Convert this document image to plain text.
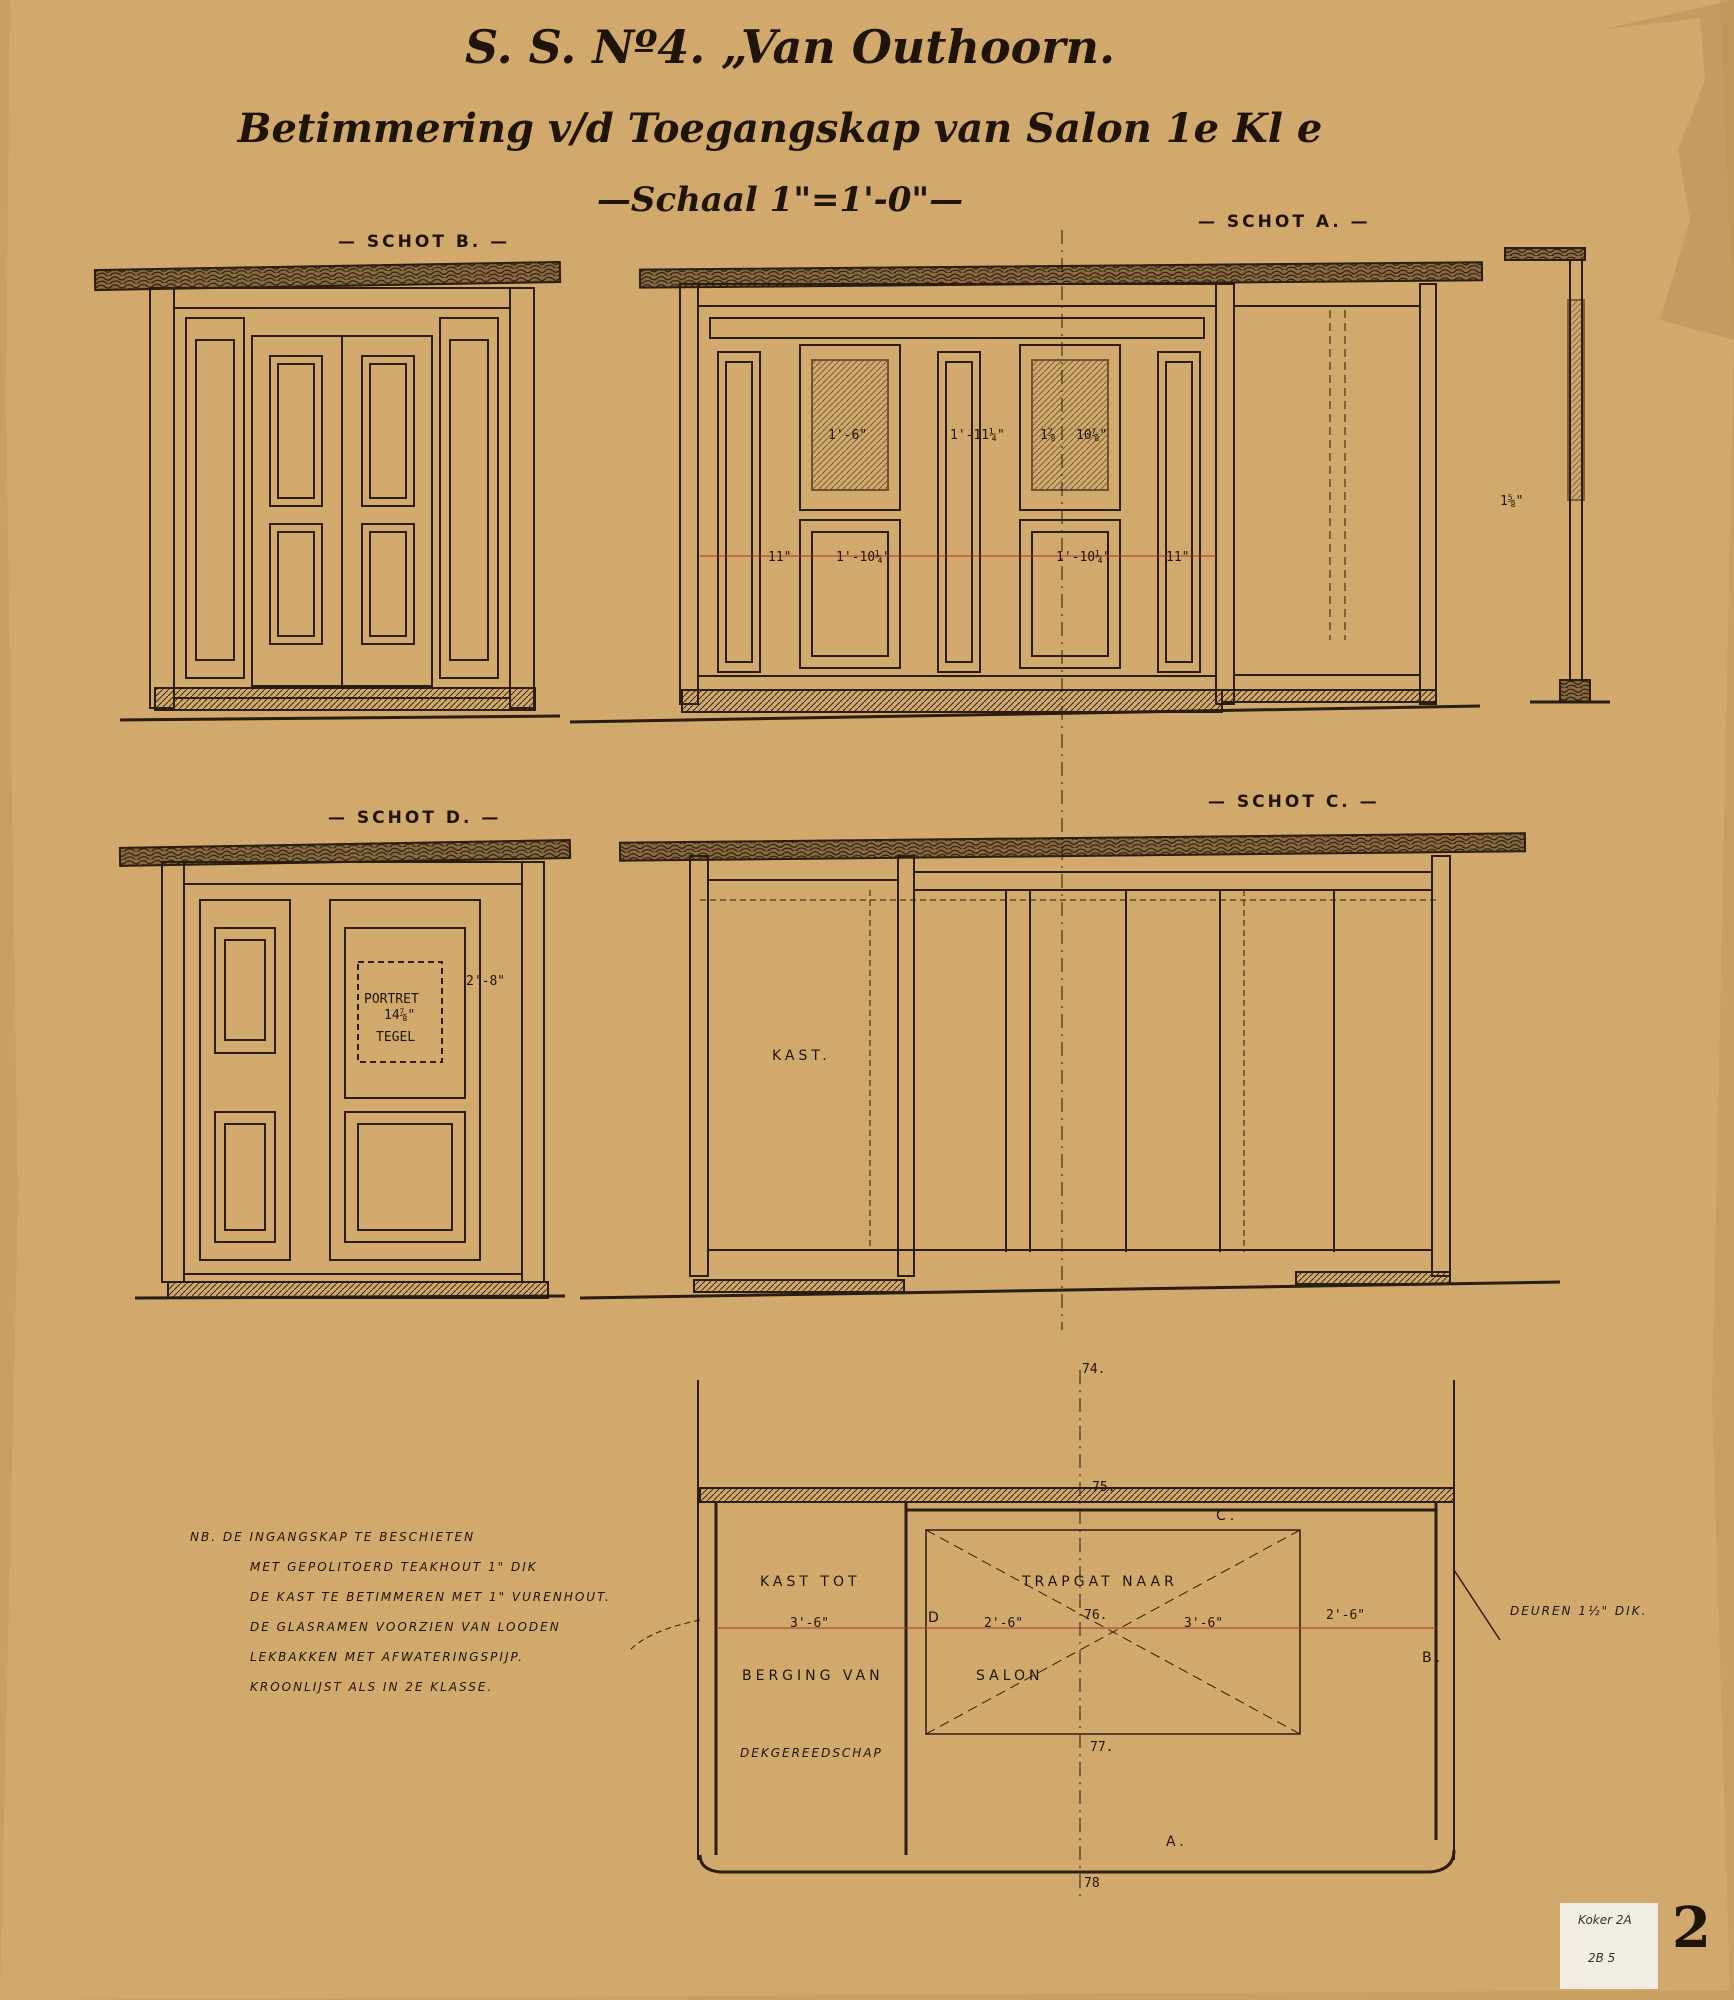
S. S. Nº4. „Van Outhoorn.
Betimmering v/d Toegangskap van Salon 1e Kl e
—Schaal 1"=1'-0"—
— SCHOT B. —
— SCHOT A. —
— SCHOT D. —
— SCHOT C. —
1'-6"	1'-11¼"	1⅞ 10⅞"
1'-10¼"	1'-10¼"
11"	11"
1⅝"
PORTRET
14⅞"
TEGEL
2'-8"
KAST.
NB. DE INGANGSKAP TE BESCHIETEN
MET GEPOLITOERD TEAKHOUT 1" DIK
DE KAST TE BETIMMEREN MET 1" VURENHOUT.
DE GLASRAMEN VOORZIEN VAN LOODEN
LEKBAKKEN MET AFWATERINGSPIJP.
KROONLIJST ALS IN 2E KLASSE.
KAST TOT
3'-6"
BERGING VAN
DEKGEREEDSCHAP
TRAPGAT NAAR
2'-6"	3'-6"
2'-6"
SALON
DEUREN 1½" DIK.
A.
B.
C.
D
74.
75.
76.
77.
78
Koker 2A
2B 5 2
